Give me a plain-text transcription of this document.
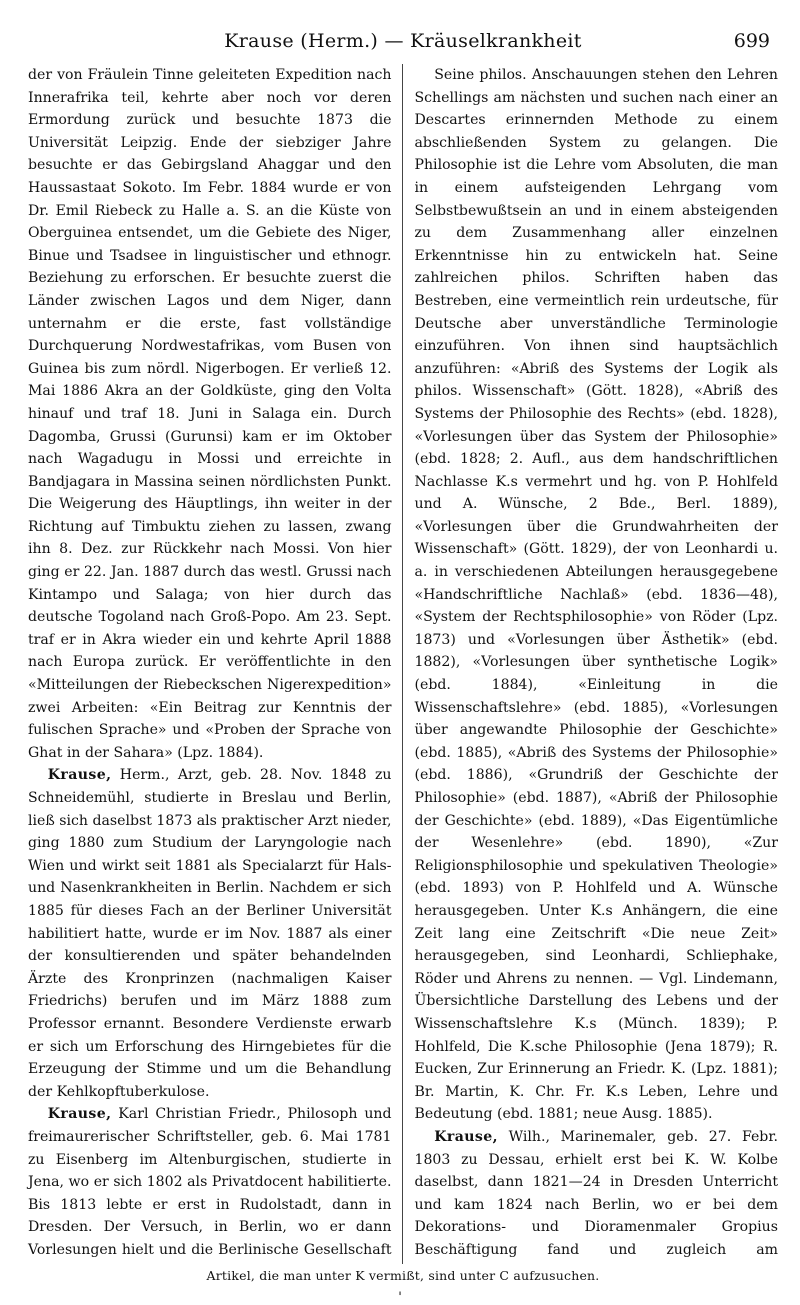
Krause (Herm.) — Kräuselkrankheit	699

der von Fräulein Tinne geleiteten Expedition nach Innerafrika teil, kehrte aber noch vor deren Ermordung zurück und besuchte 1873 die Universität Leipzig. Ende der siebziger Jahre besuchte er das Gebirgsland Ahaggar und den Haussastaat Sokoto. Im Febr. 1884 wurde er von Dr. Emil Riebeck zu Halle a. S. an die Küste von Oberguinea entsendet, um die Gebiete des Niger, Binue und Tsadsee in linguistischer und ethnogr. Beziehung zu erforschen. Er besuchte zuerst die Länder zwischen Lagos und dem Niger, dann unternahm er die erste, fast vollständige Durchquerung Nordwestafrikas, vom Busen von Guinea bis zum nördl. Nigerbogen. Er verließ 12. Mai 1886 Akra an der Goldküste, ging den Volta hinauf und traf 18. Juni in Salaga ein. Durch Dagomba, Grussi (Gurunsi) kam er im Oktober nach Wagadugu in Mossi und erreichte in Bandjagara in Massina seinen nördlichsten Punkt. Die Weigerung des Häuptlings, ihn weiter in der Richtung auf Timbuktu ziehen zu lassen, zwang ihn 8. Dez. zur Rückkehr nach Mossi. Von hier ging er 22. Jan. 1887 durch das westl. Grussi nach Kintampo und Salaga; von hier durch das deutsche Togoland nach Groß-Popo. Am 23. Sept. traf er in Akra wieder ein und kehrte April 1888 nach Europa zurück. Er veröffentlichte in den «Mitteilungen der Riebeckschen Nigerexpedition» zwei Arbeiten: «Ein Beitrag zur Kenntnis der fulischen Sprache» und «Proben der Sprache von Ghat in der Sahara» (Lpz. 1884).

Krause, Herm., Arzt, geb. 28. Nov. 1848 zu Schneidemühl, studierte in Breslau und Berlin, ließ sich daselbst 1873 als praktischer Arzt nieder, ging 1880 zum Studium der Laryngologie nach Wien und wirkt seit 1881 als Specialarzt für Hals- und Nasenkrankheiten in Berlin. Nachdem er sich 1885 für dieses Fach an der Berliner Universität habilitiert hatte, wurde er im Nov. 1887 als einer der konsultierenden und später behandelnden Ärzte des Kronprinzen (nachmaligen Kaiser Friedrichs) berufen und im März 1888 zum Professor ernannt. Besondere Verdienste erwarb er sich um Erforschung des Hirngebietes für die Erzeugung der Stimme und um die Behandlung der Kehlkopftuberkulose.

Krause, Karl Christian Friedr., Philosoph und freimaurerischer Schriftsteller, geb. 6. Mai 1781 zu Eisenberg im Altenburgischen, studierte in Jena, wo er sich 1802 als Privatdocent habilitierte. Bis 1813 lebte er erst in Rudolstadt, dann in Dresden. Der Versuch, in Berlin, wo er dann Vorlesungen hielt und die Berlinische Gesellschaft

Seine philos. Anschauungen stehen den Lehren Schellings am nächsten und suchen nach einer an Descartes erinnernden Methode zu einem abschließenden System zu gelangen. Die Philosophie ist die Lehre vom Absoluten, die man in einem aufsteigenden Lehrgang vom Selbstbewußtsein an und in einem absteigenden zu dem Zusammenhang aller einzelnen Erkenntnisse hin zu entwickeln hat. Seine zahlreichen philos. Schriften haben das Bestreben, eine vermeintlich rein urdeutsche, für Deutsche aber unverständliche Terminologie einzuführen. Von ihnen sind hauptsächlich anzuführen: «Abriß des Systems der Logik als philos. Wissenschaft» (Gött. 1828), «Abriß des Systems der Philosophie des Rechts» (ebd. 1828), «Vorlesungen über das System der Philosophie» (ebd. 1828; 2. Aufl., aus dem handschriftlichen Nachlasse K.s vermehrt und hg. von P. Hohlfeld und A. Wünsche, 2 Bde., Berl. 1889), «Vorlesungen über die Grundwahrheiten der Wissenschaft» (Gött. 1829), der von Leonhardi u. a. in verschiedenen Abteilungen herausgegebene «Handschriftliche Nachlaß» (ebd. 1836—48), «System der Rechtsphilosophie» von Röder (Lpz. 1873) und «Vorlesungen über Ästhetik» (ebd. 1882), «Vorlesungen über synthetische Logik» (ebd. 1884), «Einleitung in die Wissenschaftslehre» (ebd. 1885), «Vorlesungen über angewandte Philosophie der Geschichte» (ebd. 1885), «Abriß des Systems der Philosophie» (ebd. 1886), «Grundriß der Geschichte der Philosophie» (ebd. 1887), «Abriß der Philosophie der Geschichte» (ebd. 1889), «Das Eigentümliche der Wesenlehre» (ebd. 1890), «Zur Religionsphilosophie und spekulativen Theologie» (ebd. 1893) von P. Hohlfeld und A. Wünsche herausgegeben. Unter K.s Anhängern, die eine Zeit lang eine Zeitschrift «Die neue Zeit» herausgegeben, sind Leonhardi, Schliephake, Röder und Ahrens zu nennen. — Vgl. Lindemann, Übersichtliche Darstellung des Lebens und der Wissenschaftslehre K.s (Münch. 1839); P. Hohlfeld, Die K.sche Philosophie (Jena 1879); R. Eucken, Zur Erinnerung an Friedr. K. (Lpz. 1881); Br. Martin, K. Chr. Fr. K.s Leben, Lehre und Bedeutung (ebd. 1881; neue Ausg. 1885).

Krause, Wilh., Marinemaler, geb. 27. Febr. 1803 zu Dessau, erhielt erst bei K. W. Kolbe daselbst, dann 1821—24 in Dresden Unterricht und kam 1824 nach Berlin, wo er bei dem Dekorations- und Dioramenmaler Gropius Beschäftigung fand und zugleich am

Artikel, die man unter K vermißt, sind unter C aufzusuchen.
'
